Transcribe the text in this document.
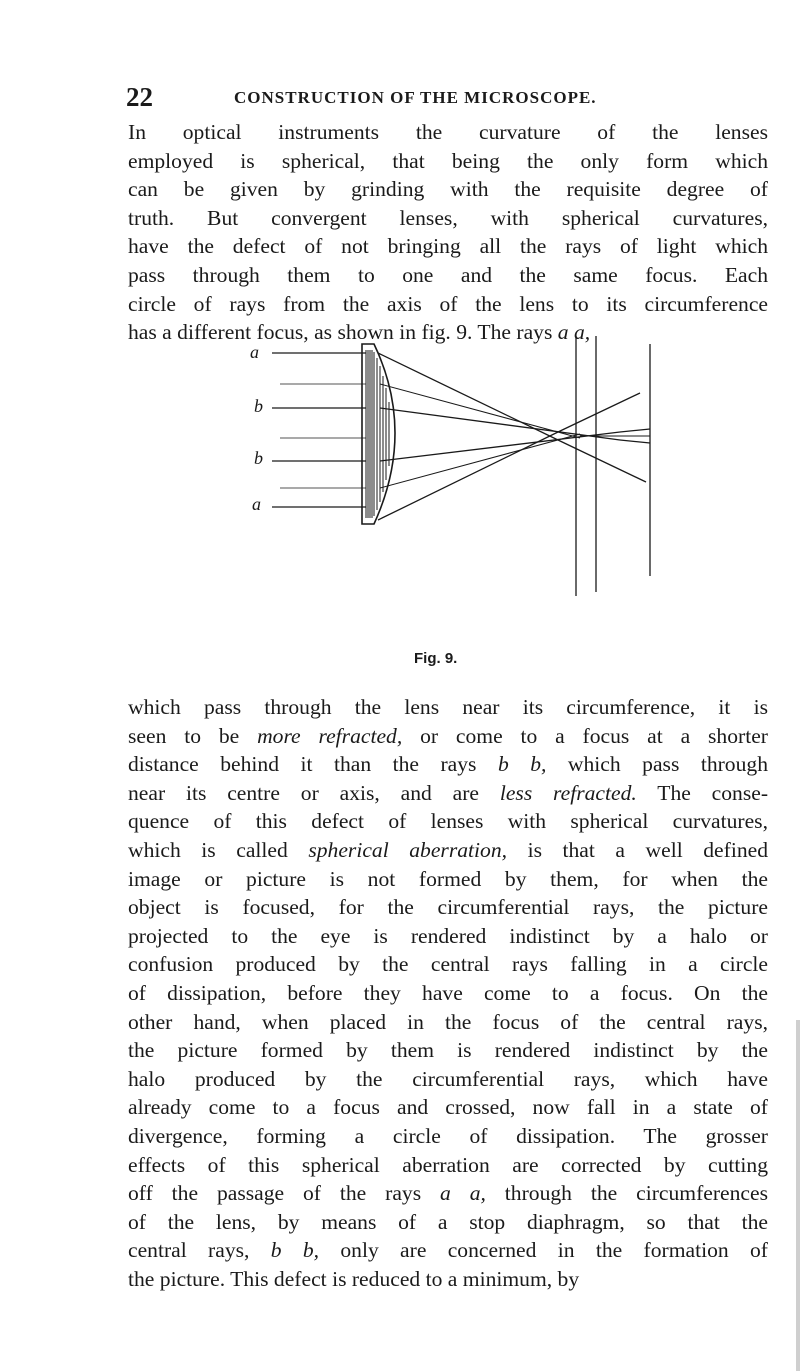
22	CONSTRUCTION OF THE MICROSCOPE.
In optical instruments the curvature of the lenses
employed is spherical, that being the only form which
can be given by grinding with the requisite degree of
truth. But convergent lenses, with spherical curvatures,
have the defect of not bringing all the rays of light which
pass through them to one and the same focus. Each
circle of rays from the axis of the lens to its circumference
has a different focus, as shown in fig. 9. The rays a a,
a
b
b
a
Fig. 9.
which pass through the lens near its circumference, it is
seen to be more refracted, or come to a focus at a shorter
distance behind it than the rays b b, which pass through
near its centre or axis, and are less refracted. The conse-
quence of this defect of lenses with spherical curvatures,
which is called spherical aberration, is that a well defined
image or picture is not formed by them, for when the
object is focused, for the circumferential rays, the picture
projected to the eye is rendered indistinct by a halo or
confusion produced by the central rays falling in a circle
of dissipation, before they have come to a focus. On the
other hand, when placed in the focus of the central rays,
the picture formed by them is rendered indistinct by the
halo produced by the circumferential rays, which have
already come to a focus and crossed, now fall in a state of
divergence, forming a circle of dissipation. The grosser
effects of this spherical aberration are corrected by cutting
off the passage of the rays a a, through the circumferences
of the lens, by means of a stop diaphragm, so that the
central rays, b b, only are concerned in the formation of
the picture. This defect is reduced to a minimum, by
